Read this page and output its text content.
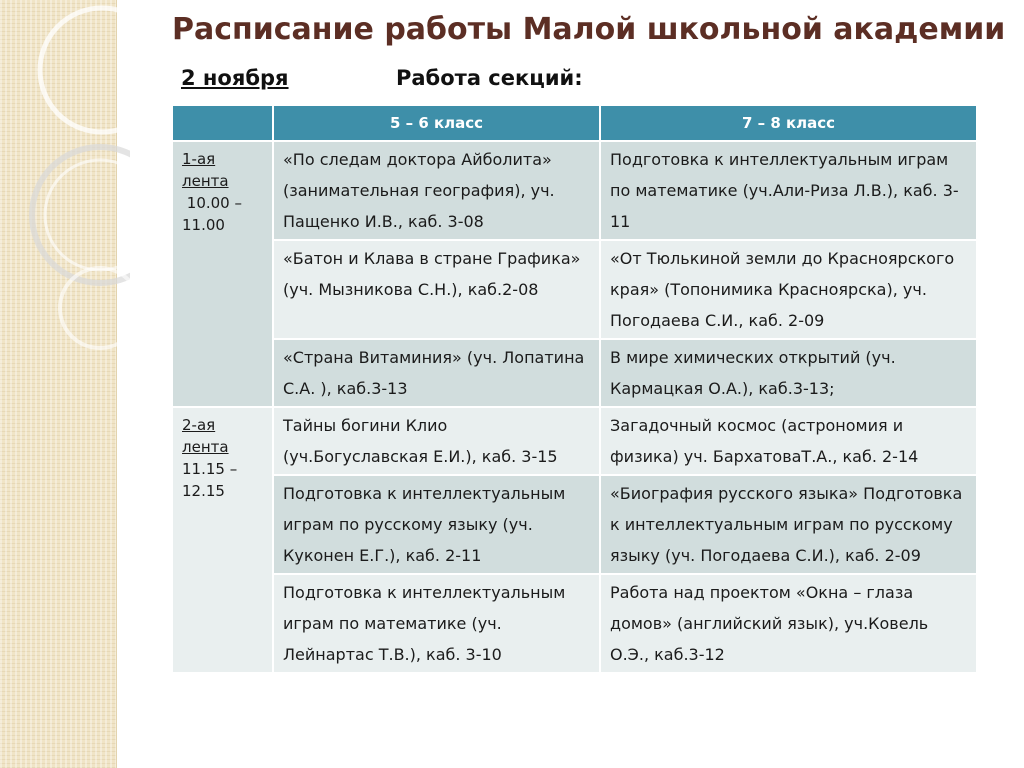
Расписание работы Малой школьной академии
2 ноября	Работа секций:
	5 – 6 класс	7 – 8 класс
1-ая
лента
10.00 –
11.00	«По следам доктора Айболита» (занимательная география), уч. Пащенко И.В., каб. 3-08	Подготовка к интеллектуальным играм по математике (уч.Али-Риза Л.В.), каб. 3-11
	«Батон и Клава в стране Графика» (уч. Мызникова С.Н.), каб.2-08	«От Тюлькиной земли до Красноярского края» (Топонимика Красноярска), уч. Погодаева С.И., каб. 2-09
	«Страна Витаминия» (уч. Лопатина С.А. ), каб.3-13	В мире химических открытий (уч. Кармацкая О.А.), каб.3-13;
2-ая
лента
11.15 –
12.15	Тайны богини Клио (уч.Богуславская Е.И.), каб. 3-15	Загадочный космос (астрономия и физика) уч. БархатоваТ.А., каб. 2-14
	Подготовка к интеллектуальным играм по русскому языку (уч. Куконен Е.Г.), каб. 2-11	«Биография русского языка» Подготовка к интеллектуальным играм по русскому языку (уч. Погодаева С.И.), каб. 2-09
	Подготовка к интеллектуальным играм по математике (уч. Лейнартас Т.В.), каб. 3-10	Работа над проектом «Окна – глаза домов» (английский язык), уч.Ковель О.Э., каб.3-12
